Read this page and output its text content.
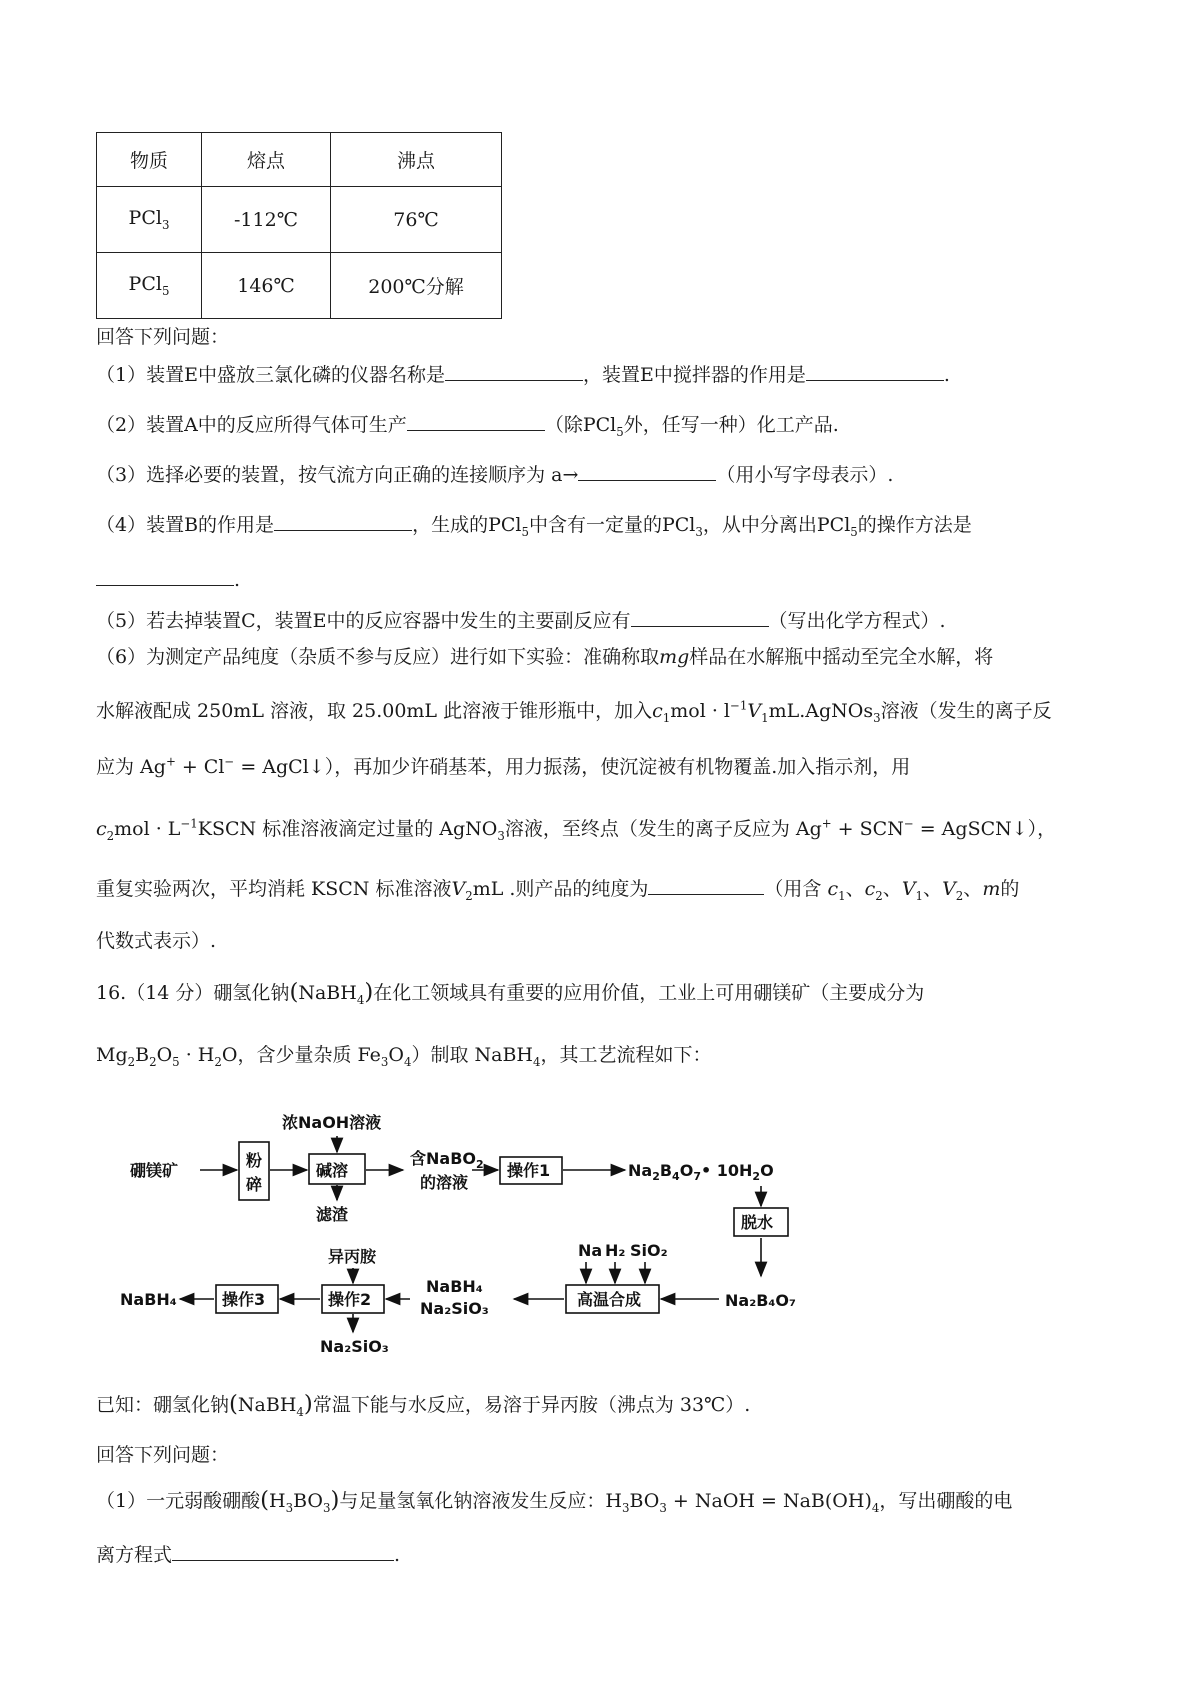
物质	熔点	沸点
PCl$_3$	-112℃	76℃
PCl$_5$	146℃	200℃分解
回答下列问题：
（1）装置E中盛放三氯化磷的仪器名称是	，装置E中搅拌器的作用是	.
（2）装置A中的反应所得气体可生产	（除PCl$_5$外，任写一种）化工产品.
（3）选择必要的装置，按气流方向正确的连接顺序为 a→	（用小写字母表示）.
（4）装置B的作用是	，生成的PCl$_5$中含有一定量的PCl$_3$，从中分离出PCl$_5$的操作方法是
.
（5）若去掉装置C，装置E中的反应容器中发生的主要副反应有	（写出化学方程式）.
（6）为测定产品纯度（杂质不参与反应）进行如下实验：准确称取mg样品在水解瓶中摇动至完全水解，将
水解液配成 250mL 溶液，取 25.00mL 此溶液于锥形瓶中，加入$c_1mol$ · $l^{-1}V_1mL.AgNOs_3$溶液（发生的离子反
应为 Ag+ + Cl− = AgCl↓），再加少许硝基苯，用力振荡，使沉淀被有机物覆盖.加入指示剂，用
$c_2mol$ · $L^{-1}KSCN$ 标准溶液滴定过量的 AgNO$_3$溶液，至终点（发生的离子反应为 Ag+ + SCN− = AgSCN↓），
重复实验两次，平均消耗 KSCN 标准溶液$V_2mL$ .则产品的纯度为	（用含 $c_1$、$c_2$、$V_1$、$V_2$、m的
代数式表示）.
16.（14 分）硼氢化钠(NaBH$_4$)在化工领域具有重要的应用价值，工业上可用硼镁矿（主要成分为
$Mg_2B_2O_5 \cdot H_2O$，含少量杂质 $Fe_3O_4$）制取 NaBH$_4$，其工艺流程如下：
硼镁矿
粉
碎
碱溶
浓NaOH溶液
滤渣
含NaBO$_2$
的溶液
操作1	$Na_2B_4O_7•$ $10H_2O$
脱水
Na₂B₄O₇
高温合成
Na H₂ SiO₂
NaBH₄
Na₂SiO₃
操作2
异丙胺
Na₂SiO₃
操作3
NaBH₄
已知：硼氢化钠(NaBH$_4$)常温下能与水反应，易溶于异丙胺（沸点为 33℃）.
回答下列问题：
（1）一元弱酸硼酸$(H_3BO_3)$与足量氢氧化钠溶液发生反应：$H_3BO_3$ + NaOH = $NaB(OH)_4$，写出硼酸的电
离方程式	.
